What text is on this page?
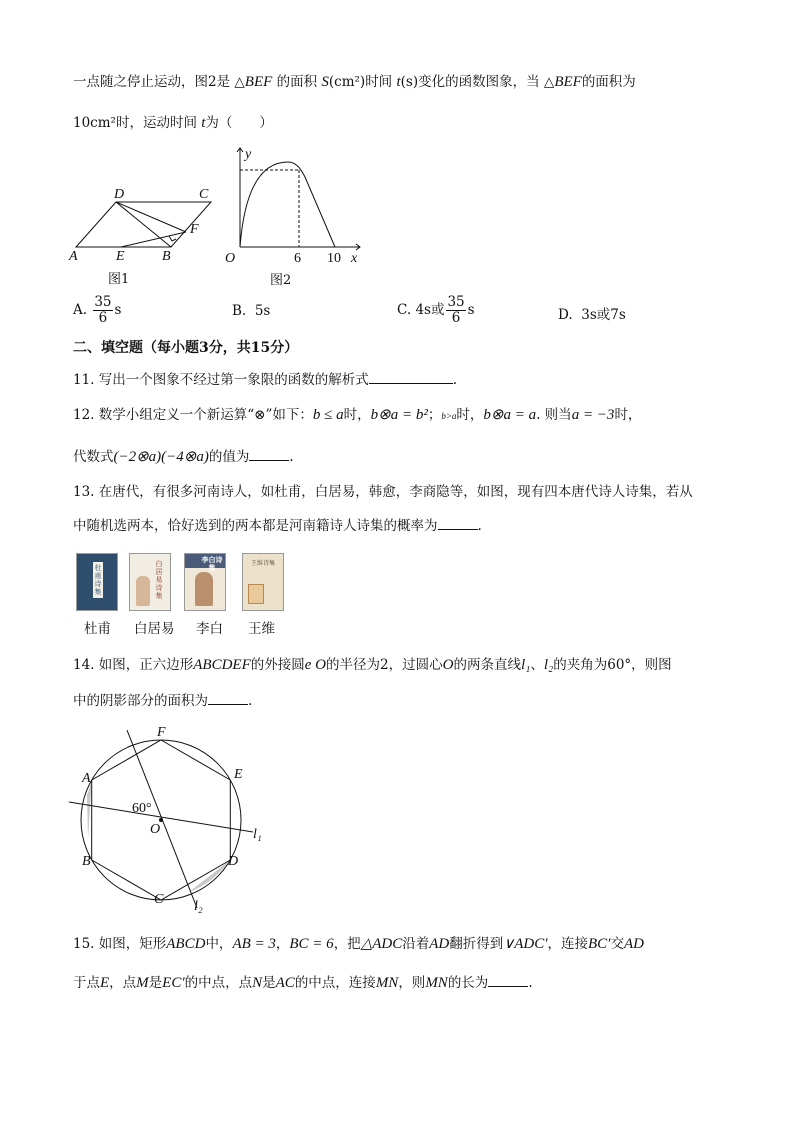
一点随之停止运动，图2是 △BEF 的面积 S(cm²)时间 t(s)变化的函数图象，当 △BEF的面积为
10cm²时，运动时间 t为（　　）
A
D	C
E	B
F
图1
y
O	6 10 x
图2
A. $\frac{35}{6}$ s	B. 5s	C. 4s或 $\frac{35}{6}$ s	D. 3s或7s
二、填空题（每小题3分，共15分）
11. 写出一个图象不经过第一象限的函数的解析式	.
12. 数学小组定义一个新运算“⊗”如下：b ≤ a时，b⊗a = b²；b>a时，b⊗a = a. 则当a = −3时，
代数式(−2⊗a)(−4⊗a)的值为	.
13. 在唐代，有很多河南诗人，如杜甫，白居易，韩愈，李商隐等，如图，现有四本唐代诗人诗集，若从
中随机选两本，恰好选到的两本都是河南籍诗人诗集的概率为	.
杜甫诗集
白居易诗集
李白诗集	王维诗集
杜甫 白居易 李白 王维
14. 如图，正六边形ABCDEF的外接圆e O的半径为2，过圆心O的两条直线l₁、l₂的夹角为60°，则图
中的阴影部分的面积为	.
F
E
D
C
B
A
O
60°
l₁
l₂
15. 如图，矩形ABCD中，AB = 3，BC = 6，把△ADC沿着AD翻折得到∨ADC′，连接BC′交AD
于点E，点M是EC′的中点，点N是AC的中点，连接MN，则MN的长为	.
